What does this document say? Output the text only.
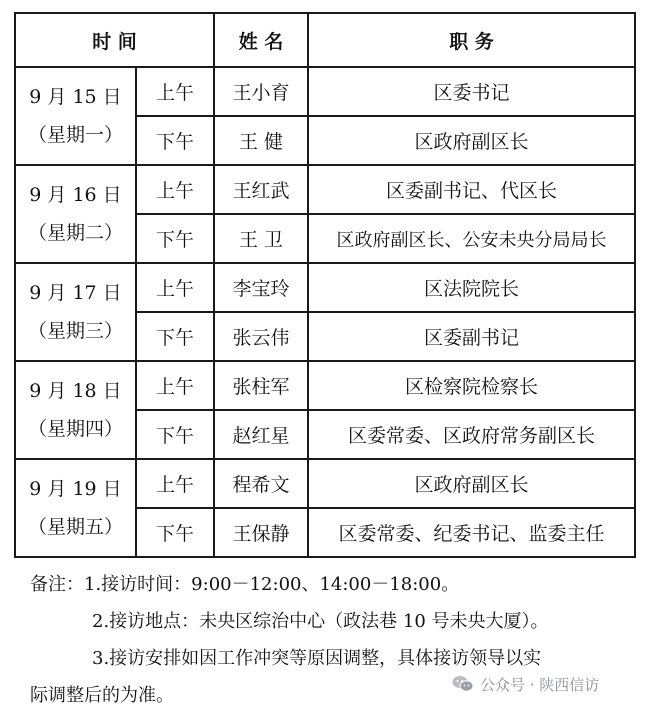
时 间		姓 名	职 务

9 月 15 日
（星期一）	上午	王小育	区委书记
	下午	王 健	区政府副区长

9 月 16 日
（星期二）	上午	王红武	区委副书记、代区长
	下午	王 卫	区政府副区长、公安未央分局局长

9 月 17 日
（星期三）	上午	李宝玲	区法院院长
	下午	张云伟	区委副书记

9 月 18 日
（星期四）	上午	张柱军	区检察院检察长
	下午	赵红星	区委常委、区政府常务副区长

9 月 19 日
（星期五）	上午	程希文	区政府副区长
	下午	王保静	区委常委、纪委书记、监委主任
备注：1.接访时间：9:00－12:00、14:00－18:00。
2.接访地点：未央区综治中心（政法巷 10 号未央大厦）。
3.接访安排如因工作冲突等原因调整，具体接访领导以实
际调整后的为准。
公众号 · 陕西信访
